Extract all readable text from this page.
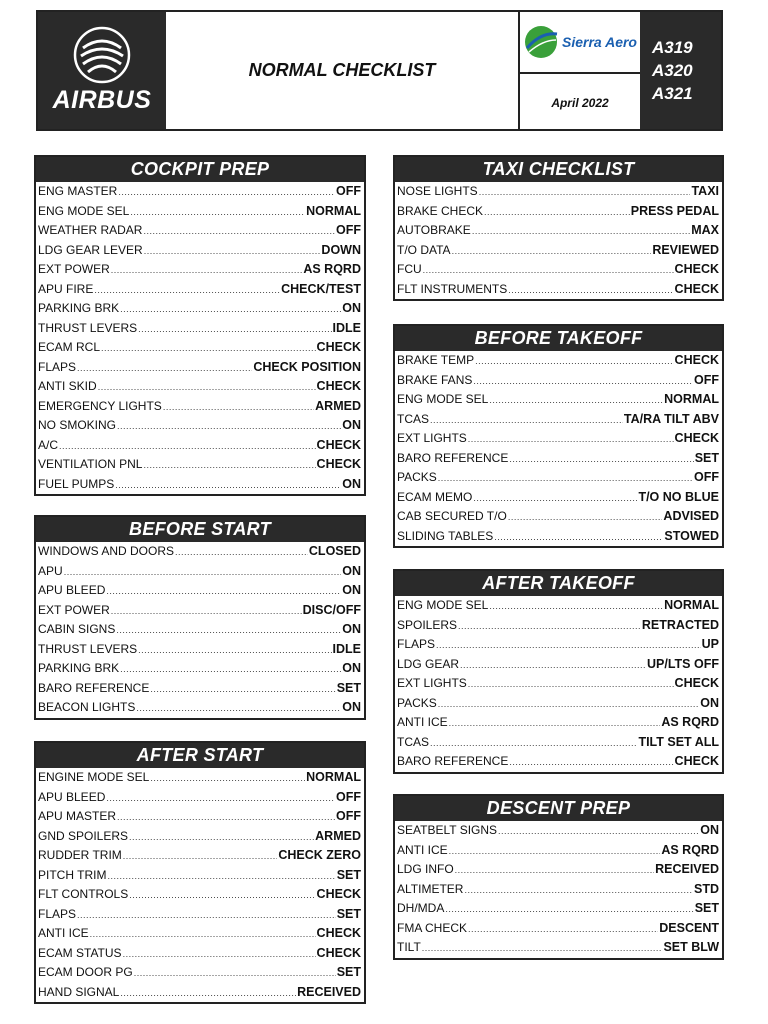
AIRBUS
NORMAL CHECKLIST
Sierra Aero
April 2022
A319
A320
A321
COCKPIT PREP
ENG MASTER .....	OFF
ENG MODE SEL .....	NORMAL
WEATHER RADAR .....	OFF
LDG GEAR LEVER .....	DOWN
EXT POWER .....	AS RQRD
APU FIRE .....	CHECK/TEST
PARKING BRK .....	ON
THRUST LEVERS .....	IDLE
ECAM RCL .....	CHECK
FLAPS .....	CHECK POSITION
ANTI SKID .....	CHECK
EMERGENCY LIGHTS .....	ARMED
NO SMOKING .....	ON
A/C .....	CHECK
VENTILATION PNL .....	CHECK
FUEL PUMPS .....	ON
BEFORE START
WINDOWS AND DOORS .....	CLOSED
APU .....	ON
APU BLEED .....	ON
EXT POWER .....	DISC/OFF
CABIN SIGNS .....	ON
THRUST LEVERS .....	IDLE
PARKING BRK .....	ON
BARO REFERENCE .....	SET
BEACON LIGHTS .....	ON
AFTER START
ENGINE MODE SEL .....	NORMAL
APU BLEED .....	OFF
APU MASTER .....	OFF
GND SPOILERS .....	ARMED
RUDDER TRIM .....	CHECK ZERO
PITCH TRIM .....	SET
FLT CONTROLS .....	CHECK
FLAPS .....	SET
ANTI ICE .....	CHECK
ECAM STATUS .....	CHECK
ECAM DOOR PG .....	SET
HAND SIGNAL .....	RECEIVED
TAXI CHECKLIST
NOSE LIGHTS .....	TAXI
BRAKE CHECK .....	PRESS PEDAL
AUTOBRAKE .....	MAX
T/O DATA .....	REVIEWED
FCU .....	CHECK
FLT INSTRUMENTS .....	CHECK
BEFORE TAKEOFF
BRAKE TEMP .....	CHECK
BRAKE FANS .....	OFF
ENG MODE SEL .....	NORMAL
TCAS .....	TA/RA TILT ABV
EXT LIGHTS .....	CHECK
BARO REFERENCE .....	SET
PACKS .....	OFF
ECAM MEMO .....	T/O NO BLUE
CAB SECURED T/O .....	ADVISED
SLIDING TABLES .....	STOWED
AFTER TAKEOFF
ENG MODE SEL .....	NORMAL
SPOILERS .....	RETRACTED
FLAPS .....	UP
LDG GEAR .....	UP/LTS OFF
EXT LIGHTS .....	CHECK
PACKS .....	ON
ANTI ICE .....	AS RQRD
TCAS .....	TILT SET ALL
BARO REFERENCE .....	CHECK
DESCENT PREP
SEATBELT SIGNS .....	ON
ANTI ICE .....	AS RQRD
LDG INFO .....	RECEIVED
ALTIMETER .....	STD
DH/MDA .....	SET
FMA CHECK .....	DESCENT
TILT .....	SET BLW
